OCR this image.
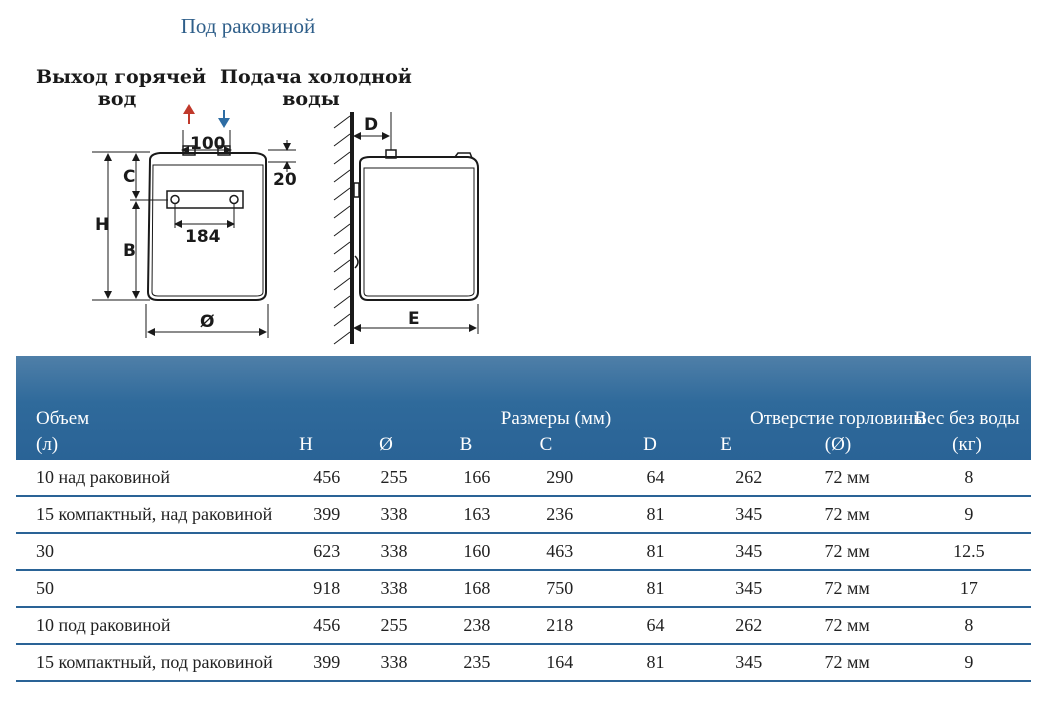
Под раковиной
Выход горячей
вод
Подача холодной
воды
100
20
184
H
C
B
Ø
D
E
Объем
(л)
Размеры (мм)
H	Ø	B	C	D	E
Отверстие горловины
(Ø)
Вес без воды
(кг)
10 над раковиной	456	255	166	290	64	262	72 мм	8
15 компактный, над раковиной	399	338	163	236	81	345	72 мм	9
30	623	338	160	463	81	345	72 мм	12.5
50	918	338	168	750	81	345	72 мм	17
10 под раковиной	456	255	238	218	64	262	72 мм	8
15 компактный, под раковиной	399	338	235	164	81	345	72 мм	9
